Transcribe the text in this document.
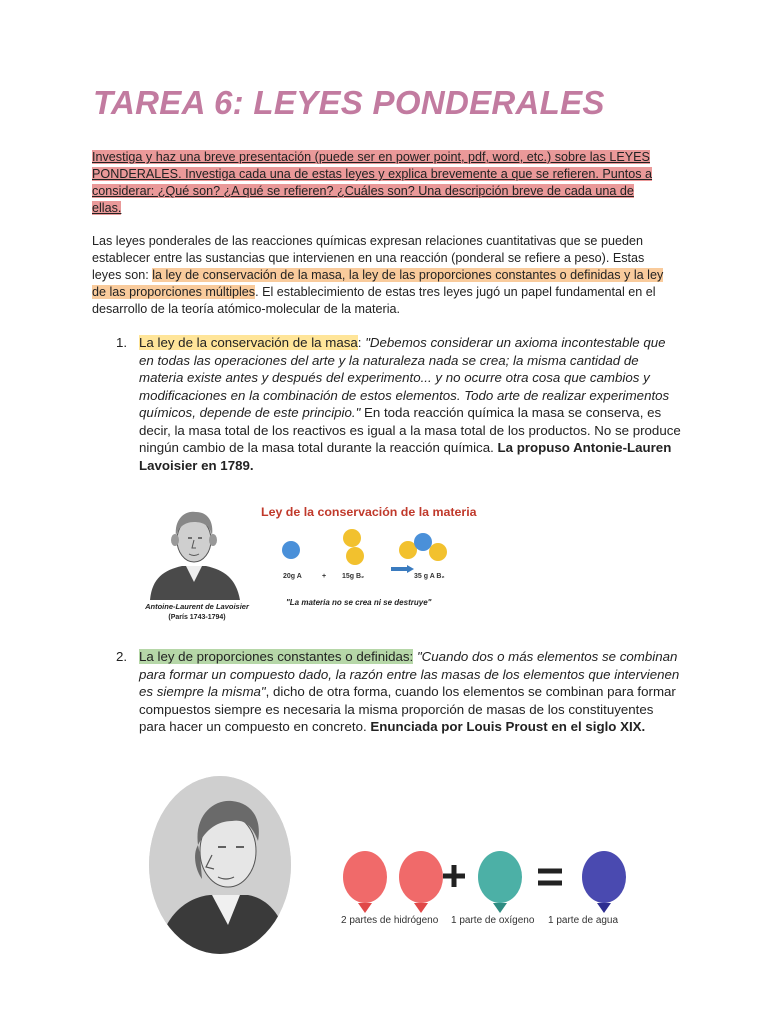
TAREA 6: LEYES PONDERALES

Investiga y haz una breve presentación (puede ser en power point, pdf, word, etc.) sobre las LEYES PONDERALES. Investiga cada una de estas leyes y explica brevemente a que se refieren. Puntos a considerar: ¿Qué son? ¿A qué se refieren? ¿Cuáles son? Una descripción breve de cada una de ellas.

Las leyes ponderales de las reacciones químicas expresan relaciones cuantitativas que se pueden establecer entre las sustancias que intervienen en una reacción (ponderal se refiere a peso). Estas leyes son: la ley de conservación de la masa, la ley de las proporciones constantes o definidas y la ley de las proporciones múltiples. El establecimiento de estas tres leyes jugó un papel fundamental en el desarrollo de la teoría atómico-molecular de la materia.

1. La ley de la conservación de la masa: "Debemos considerar un axioma incontestable que en todas las operaciones del arte y la naturaleza nada se crea; la misma cantidad de materia existe antes y después del experimento... y no ocurre otra cosa que cambios y modificaciones en la combinación de estos elementos. Todo arte de realizar experimentos químicos, depende de este principio." En toda reacción química la masa se conserva, es decir, la masa total de los reactivos es igual a la masa total de los productos. No se produce ningún cambio de la masa total durante la reacción química. La propuso Antonie-Lauren Lavoisier en 1789.
Antoine-Laurent de Lavoisier
(París 1743-1794)
Ley de la conservación de la materia
20g A	+ 15g B₂	35 g A B₂
"La materia no se crea ni se destruye"
2. La ley de proporciones constantes o definidas: "Cuando dos o más elementos se combinan para formar un compuesto dado, la razón entre las masas de los elementos que intervienen es siempre la misma", dicho de otra forma, cuando los elementos se combinan para formar compuestos siempre es necesaria la misma proporción de masas de los constituyentes para hacer un compuesto en concreto. Enunciada por Louis Proust en el siglo XIX.
2 partes de hidrógeno 1 parte de oxígeno 1 parte de agua
